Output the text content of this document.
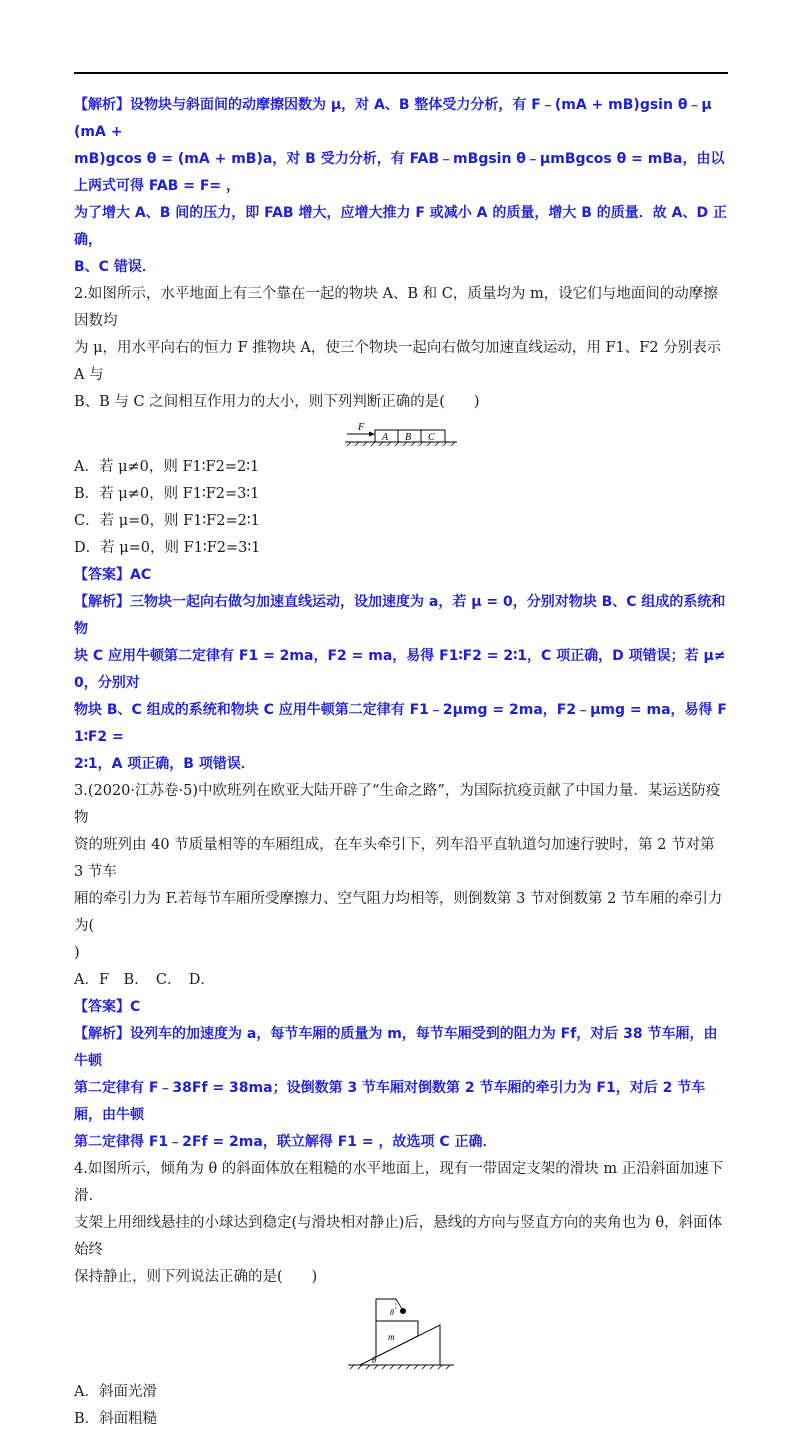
【解析】设物块与斜面间的动摩擦因数为 μ，对 A、B 整体受力分析，有 F﹣(mA + mB)gsin θ﹣μ(mA +

mB)gcos θ = (mA + mB)a，对 B 受力分析，有 FAB﹣mBgsin θ﹣μmBgcos θ = mBa，由以上两式可得 FAB = F= ，

为了增大 A、B 间的压力，即 FAB 增大，应增大推力 F 或减小 A 的质量，增大 B 的质量．故 A、D 正确，

B、C 错误．

2.如图所示，水平地面上有三个靠在一起的物块 A、B 和 C，质量均为 m，设它们与地面间的动摩擦因数均

为 μ，用水平向右的恒力 F 推物块 A，使三个物块一起向右做匀加速直线运动，用 F1、F2 分别表示 A 与

B、B 与 C 之间相互作用力的大小，则下列判断正确的是(　　)

F
A B C

A．若 μ≠0，则 F1∶F2=2∶1

B．若 μ≠0，则 F1∶F2=3∶1

C．若 μ=0，则 F1∶F2=2∶1

D．若 μ=0，则 F1∶F2=3∶1

【答案】AC

【解析】三物块一起向右做匀加速直线运动，设加速度为 a，若 μ = 0，分别对物块 B、C 组成的系统和物

块 C 应用牛顿第二定律有 F1 = 2ma，F2 = ma，易得 F1∶F2 = 2∶1，C 项正确，D 项错误；若 μ≠0，分别对

物块 B、C 组成的系统和物块 C 应用牛顿第二定律有 F1﹣2μmg = 2ma，F2﹣μmg = ma，易得 F1∶F2 =

2∶1，A 项正确，B 项错误．

3.(2020·江苏卷·5)中欧班列在欧亚大陆开辟了“生命之路”，为国际抗疫贡献了中国力量．某运送防疫物

资的班列由 40 节质量相等的车厢组成，在车头牵引下，列车沿平直轨道匀加速行驶时，第 2 节对第 3 节车

厢的牵引力为 F.若每节车厢所受摩擦力、空气阻力均相等，则倒数第 3 节对倒数第 2 节车厢的牵引力为(

)

A．F　B．　C．　D．

【答案】C

【解析】设列车的加速度为 a，每节车厢的质量为 m，每节车厢受到的阻力为 Ff，对后 38 节车厢，由牛顿

第二定律有 F﹣38Ff = 38ma；设倒数第 3 节车厢对倒数第 2 节车厢的牵引力为 F1，对后 2 节车厢，由牛顿

第二定律得 F1﹣2Ff = 2ma，联立解得 F1 = ，故选项 C 正确．

4.如图所示，倾角为 θ 的斜面体放在粗糙的水平地面上，现有一带固定支架的滑块 m 正沿斜面加速下滑．

支架上用细线悬挂的小球达到稳定(与滑块相对静止)后，悬线的方向与竖直方向的夹角也为 θ，斜面体始终

保持静止，则下列说法正确的是(　　)

θ
m
θ

A．斜面光滑

B．斜面粗糙
